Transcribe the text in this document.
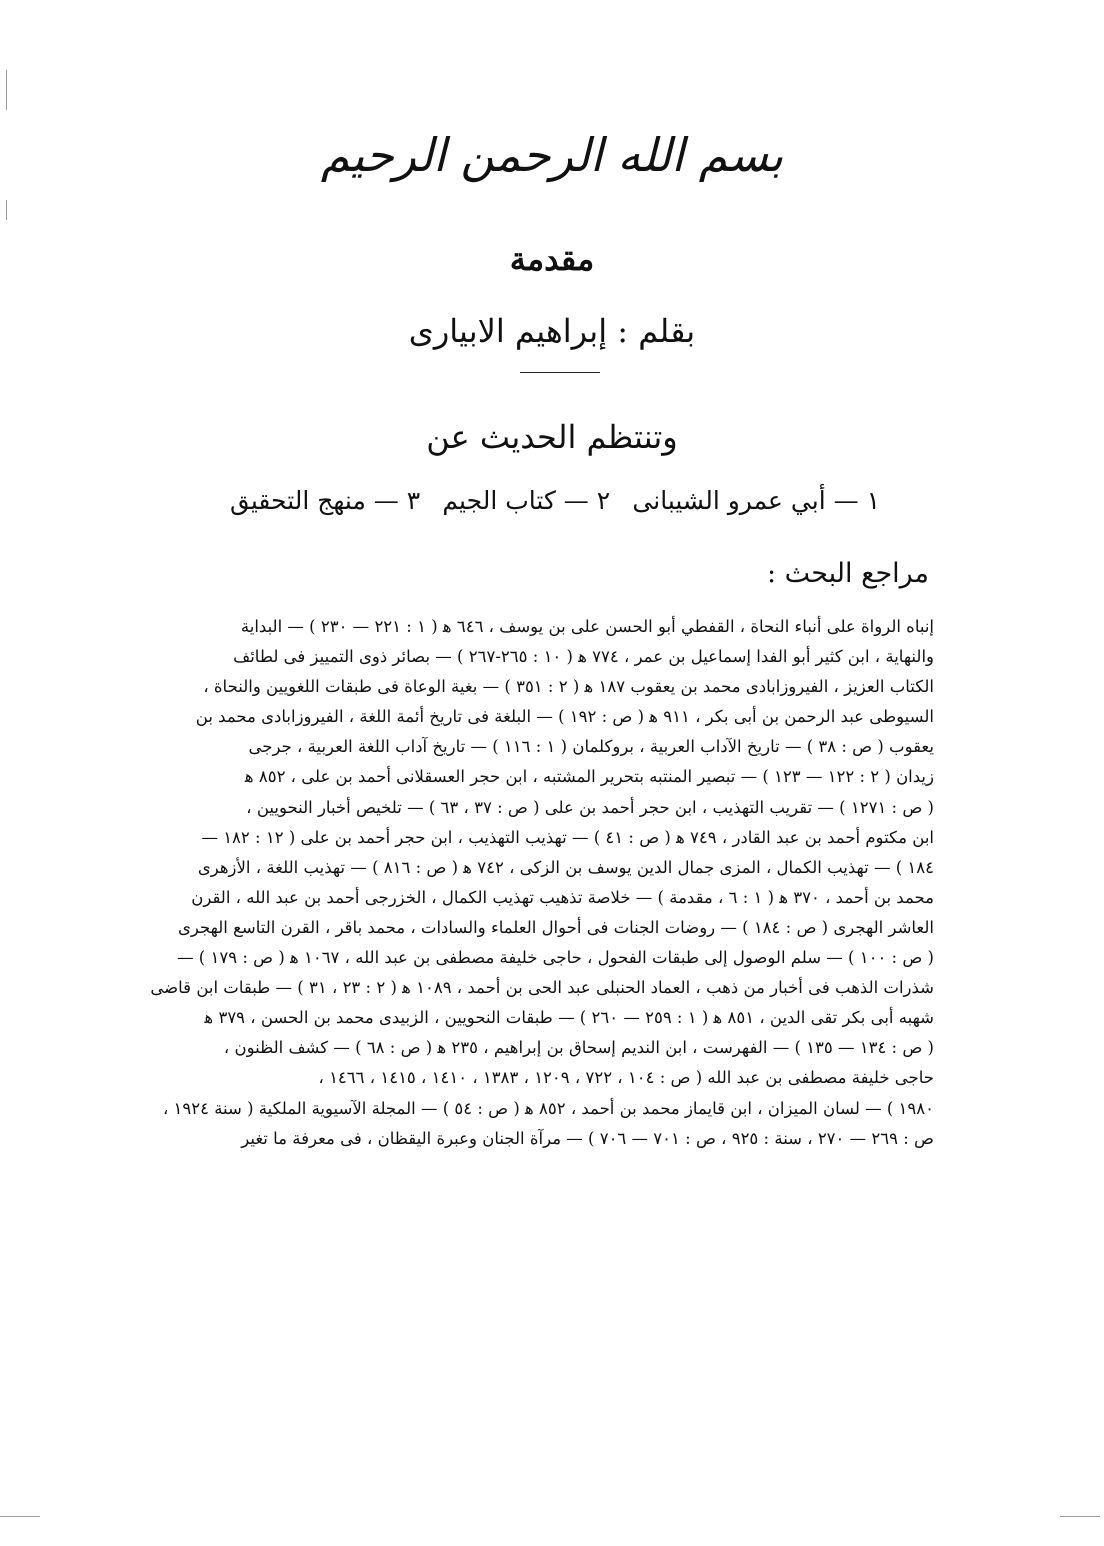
بسم الله الرحمن الرحيم
مقدمة
بقلم : إبراهيم الابيارى
وتنتظم الحديث عن
١ — أبي عمرو الشيبانى
٢ — كتاب الجيم
٣ — منهج التحقيق
مراجع البحث :

إنباه الرواة على أنباء النحاة ، القفطي أبو الحسن على بن يوسف ، ٦٤٦ ﻫ ( ١ : ٢٢١ — ٢٣٠ ) — البداية

والنهاية ، ابن كثير أبو الفدا إسماعيل بن عمر ، ٧٧٤ ﻫ ( ١٠ : ٢٦٥-٢٦٧ ) — بصائر ذوى التمييز فى لطائف

الكتاب العزيز ، الفيروزابادى محمد بن يعقوب ١٨٧ ﻫ ( ٢ : ٣٥١ ) — بغية الوعاة فى طبقات اللغويين والنحاة ،

السيوطى عبد الرحمن بن أبى بكر ، ٩١١ ﻫ ( ص : ١٩٢ ) — البلغة فى تاريخ أئمة اللغة ، الفيروزابادى محمد بن

يعقوب ( ص : ٣٨ ) — تاريخ الآداب العربية ، بروكلمان ( ١ : ١١٦ ) — تاريخ آداب اللغة العربية ، جرجى

زيدان ( ٢ : ١٢٢ — ١٢٣ ) — تبصير المنتبه بتحرير المشتبه ، ابن حجر العسقلانى أحمد بن على ، ٨٥٢ ﻫ

( ص : ١٢٧١ ) — تقريب التهذيب ، ابن حجر أحمد بن على ( ص : ٣٧ ، ٦٣ ) — تلخيص أخبار النحويين ،

ابن مكتوم أحمد بن عبد القادر ، ٧٤٩ ﻫ ( ص : ٤١ ) — تهذيب التهذيب ، ابن حجر أحمد بن على ( ١٢ : ١٨٢ —

١٨٤ ) — تهذيب الكمال ، المزى جمال الدين يوسف بن الزكى ، ٧٤٢ ﻫ ( ص : ٨١٦ ) — تهذيب اللغة ، الأزهرى

محمد بن أحمد ، ٣٧٠ ﻫ ( ١ : ٦ ، مقدمة ) — خلاصة تذهيب تهذيب الكمال ، الخزرجى أحمد بن عبد الله ، القرن

العاشر الهجرى ( ص : ١٨٤ ) — روضات الجنات فى أحوال العلماء والسادات ، محمد باقر ، القرن التاسع الهجرى

( ص : ١٠٠ ) — سلم الوصول إلى طبقات الفحول ، حاجى خليفة مصطفى بن عبد الله ، ١٠٦٧ ﻫ ( ص : ١٧٩ ) —

شذرات الذهب فى أخبار من ذهب ، العماد الحنبلى عبد الحى بن أحمد ، ١٠٨٩ ﻫ ( ٢ : ٢٣ ، ٣١ ) — طبقات ابن قاضى

شهبه أبى بكر تقى الدين ، ٨٥١ ﻫ ( ١ : ٢٥٩ — ٢٦٠ ) — طبقات النحويين ، الزبيدى محمد بن الحسن ، ٣٧٩ ﻫ

( ص : ١٣٤ — ١٣٥ ) — الفهرست ، ابن النديم إسحاق بن إبراهيم ، ٢٣٥ ﻫ ( ص : ٦٨ ) — كشف الظنون ،

حاجى خليفة مصطفى بن عبد الله ( ص : ١٠٤ ، ٧٢٢ ، ١٢٠٩ ، ١٣٨٣ ، ١٤١٠ ، ١٤١٥ ، ١٤٦٦ ،

١٩٨٠ ) — لسان الميزان ، ابن قايماز محمد بن أحمد ، ٨٥٢ ﻫ ( ص : ٥٤ ) — المجلة الآسيوية الملكية ( سنة ١٩٢٤ ،

ص : ٢٦٩ — ٢٧٠ ، سنة : ٩٢٥ ، ص : ٧٠١ — ٧٠٦ ) — مرآة الجنان وعبرة اليقظان ، فى معرفة ما تغير
